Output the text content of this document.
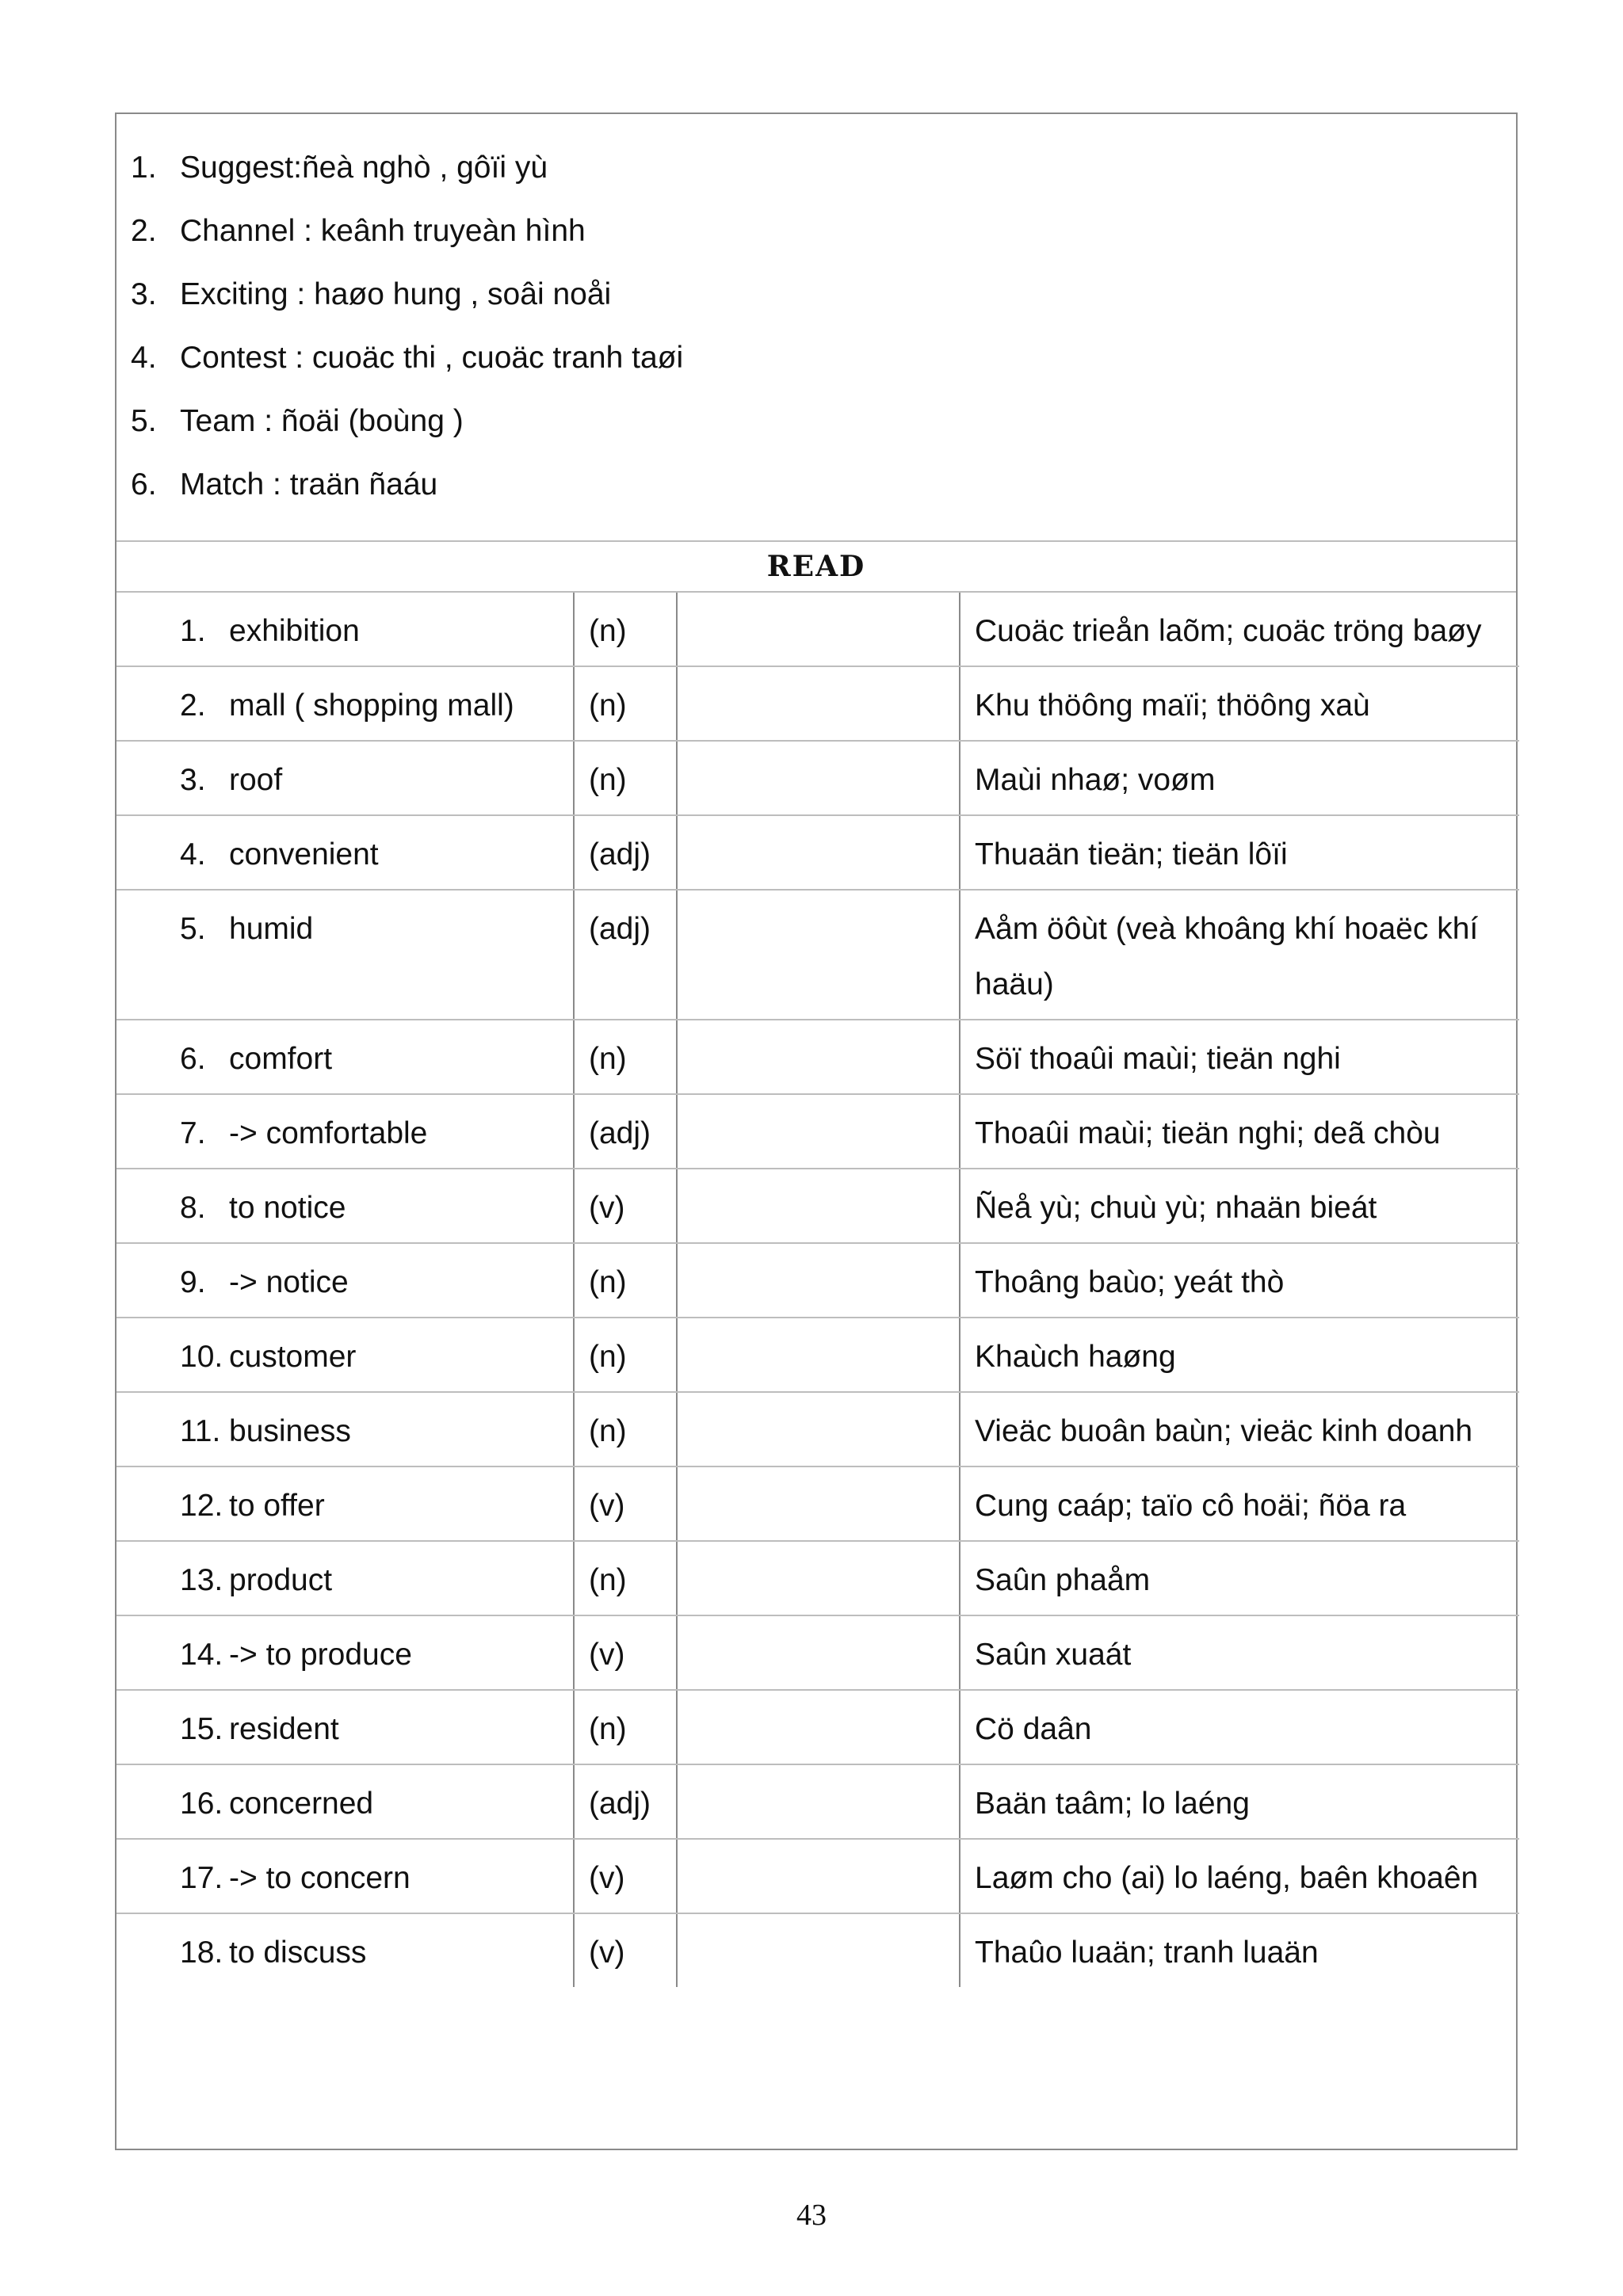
1. Suggest:ñeà nghò , gôïi yù
2. Channel : keânh truyeàn hình
3. Exciting : haøo hung , soâi noåi
4. Contest : cuoäc thi , cuoäc tranh taøi
5. Team : ñoäi (boùng )
6. Match : traän ñaáu
READ
1. exhibition	(n)		Cuoäc trieån laõm; cuoäc tröng baøy

2. mall ( shopping mall)	(n)		Khu thöông maïi; thöông xaù

3. roof	(n)		Maùi nhaø; voøm

4. convenient	(adj)		Thuaän tieän; tieän lôïi

5. humid	(adj)		Aåm öôùt (veà khoâng khí hoaëc khí haäu)

6. comfort	(n)		Söï thoaûi maùi; tieän nghi

7. -> comfortable	(adj)		Thoaûi maùi; tieän nghi; deã chòu

8. to notice	(v)		Ñeå yù; chuù yù; nhaän bieát

9. -> notice	(n)		Thoâng baùo; yeát thò

10. customer	(n)		Khaùch haøng

11. business	(n)		Vieäc buoân baùn; vieäc kinh doanh

12. to offer	(v)		Cung caáp; taïo cô hoäi; ñöa ra

13. product	(n)		Saûn phaåm

14. -> to produce	(v)		Saûn xuaát

15. resident	(n)		Cö daân

16. concerned	(adj)		Baän taâm; lo laéng

17. -> to concern	(v)		Laøm cho (ai) lo laéng, baên khoaên

18. to discuss	(v)		Thaûo luaän; tranh luaän
43
